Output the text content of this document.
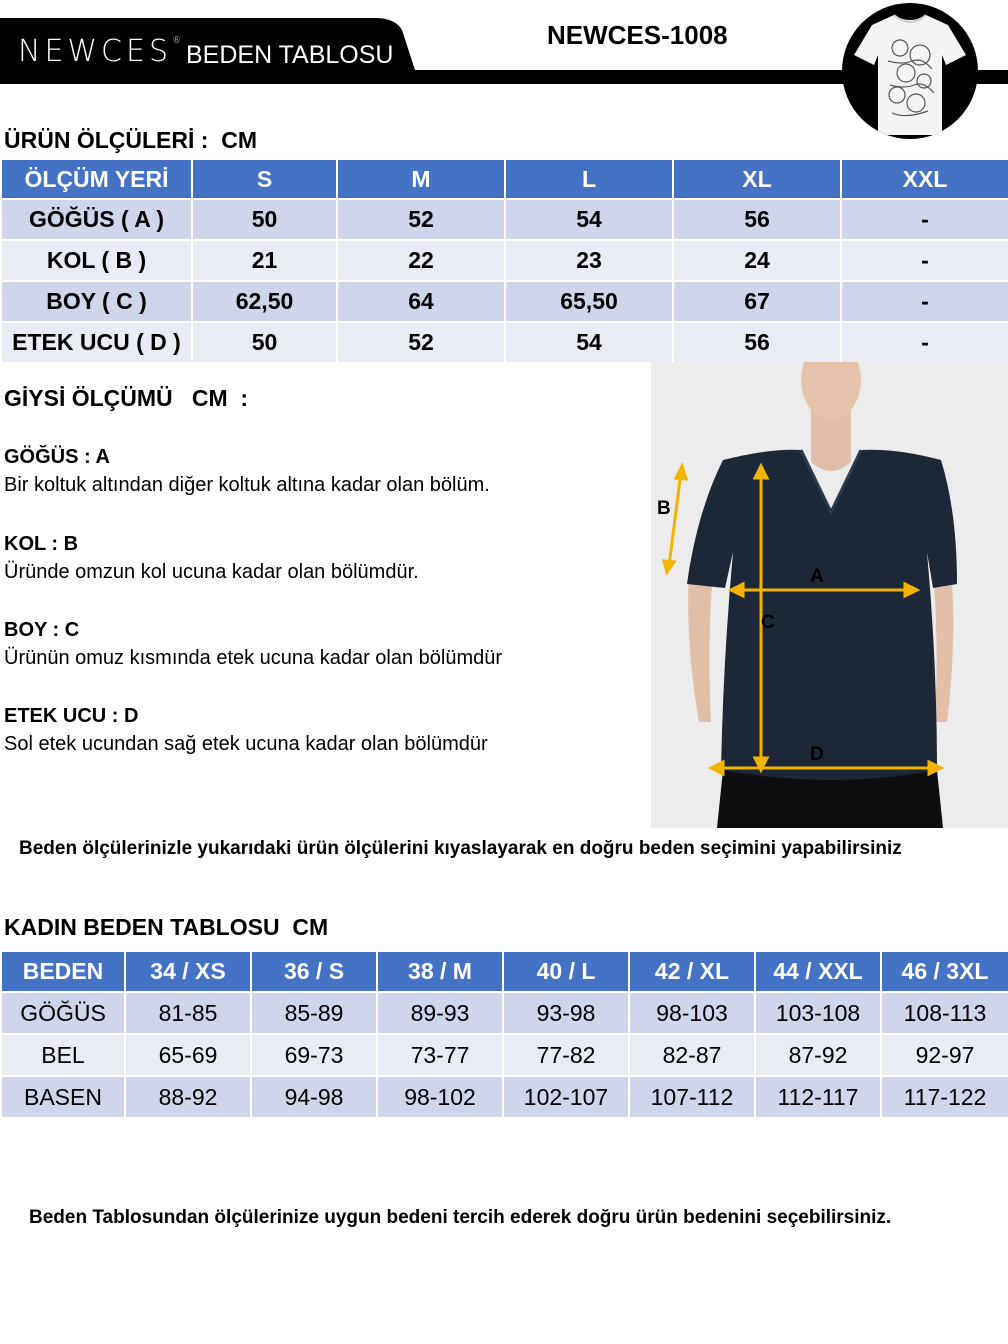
NEWCES® BEDEN TABLOSU
NEWCES-1008
ÜRÜN ÖLÇÜLERİ :  CM
ÖLÇÜM YERİ	S	M	L	XL	XXL
GÖĞÜS ( A )	50	52	54	56	-
KOL ( B )	21	22	23	24	-
BOY ( C )	62,50	64	65,50	67	-
ETEK UCU ( D )	50	52	54	56	-
GİYSİ ÖLÇÜMÜ   CM  :
GÖĞÜS : A
Bir koltuk altından diğer koltuk altına kadar olan bölüm.
KOL : B
Üründe omzun kol ucuna kadar olan bölümdür.
BOY : C
Ürünün omuz kısmında etek ucuna kadar olan bölümdür
ETEK UCU : D
Sol etek ucundan sağ etek ucuna kadar olan bölümdür
A
B
C
D
Beden ölçülerinizle yukarıdaki ürün ölçülerini kıyaslayarak en doğru beden seçimini yapabilirsiniz
KADIN BEDEN TABLOSU  CM
BEDEN	34 / XS	36 / S	38 / M	40 / L	42 / XL	44 / XXL	46 / 3XL
GÖĞÜS	81-85	85-89	89-93	93-98	98-103	103-108	108-113
BEL	65-69	69-73	73-77	77-82	82-87	87-92	92-97
BASEN	88-92	94-98	98-102	102-107	107-112	112-117	117-122
Beden Tablosundan ölçülerinize uygun bedeni tercih ederek doğru ürün bedenini seçebilirsiniz.
